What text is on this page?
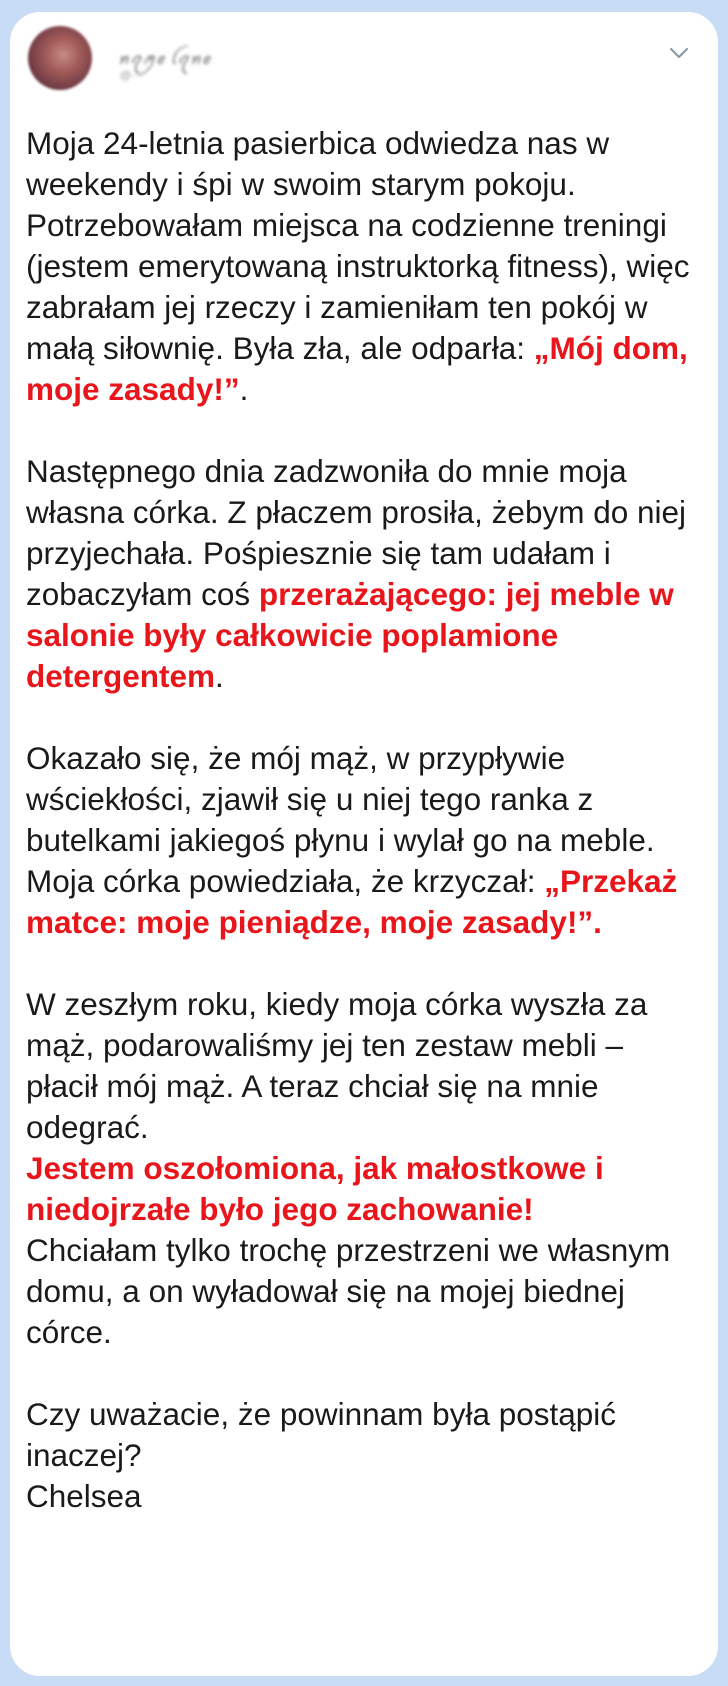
ꪀꪖꪑꫀ ꪶꪖꪀꫀ
@···

Moja 24-letnia pasierbica odwiedza nas w weekendy i śpi w swoim starym pokoju. Potrzebowałam miejsca na codzienne treningi (jestem emerytowaną instruktorką fitness), więc zabrałam jej rzeczy i zamieniłam ten pokój w małą siłownię. Była zła, ale odparła: „Mój dom, moje zasady!”.

Następnego dnia zadzwoniła do mnie moja własna córka. Z płaczem prosiła, żebym do niej przyjechała. Pośpiesznie się tam udałam i zobaczyłam coś przerażającego: jej meble w salonie były całkowicie poplamione detergentem.

Okazało się, że mój mąż, w przypływie wściekłości, zjawił się u niej tego ranka z butelkami jakiegoś płynu i wylał go na meble. Moja córka powiedziała, że krzyczał: „Przekaż matce: moje pieniądze, moje zasady!”.

W zeszłym roku, kiedy moja córka wyszła za mąż, podarowaliśmy jej ten zestaw mebli – płacił mój mąż. A teraz chciał się na mnie odegrać.
Jestem oszołomiona, jak małostkowe i niedojrzałe było jego zachowanie!
Chciałam tylko trochę przestrzeni we własnym domu, a on wyładował się na mojej biednej córce.

Czy uważacie, że powinnam była postąpić inaczej?
Chelsea
